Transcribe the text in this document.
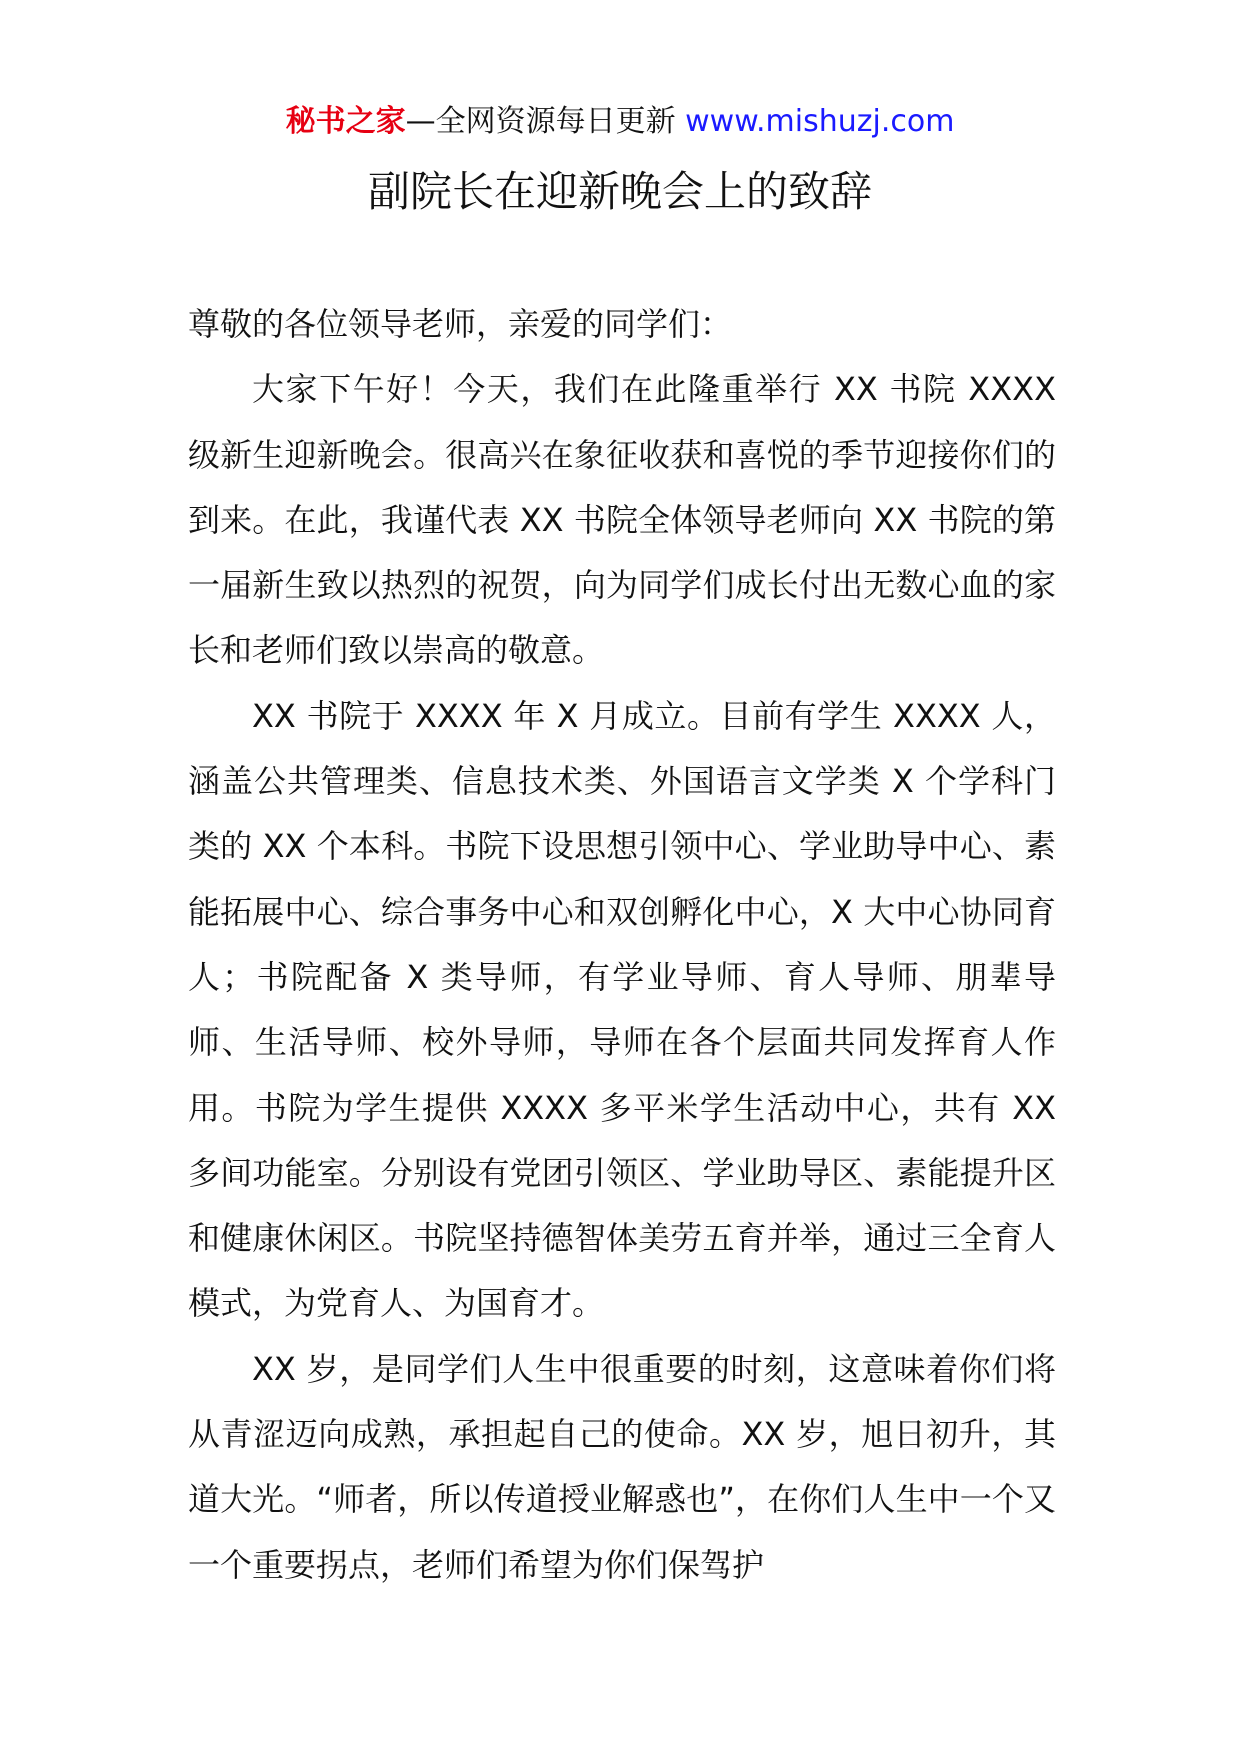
秘书之家—全网资源每日更新 www.mishuzj.com
副院长在迎新晚会上的致辞

尊敬的各位领导老师，亲爱的同学们：

大家下午好！今天，我们在此隆重举行 XX 书院 XXXX 级新生迎新晚会。很高兴在象征收获和喜悦的季节迎接你们的到来。在此，我谨代表 XX 书院全体领导老师向 XX 书院的第一届新生致以热烈的祝贺，向为同学们成长付出无数心血的家长和老师们致以崇高的敬意。

XX 书院于 XXXX 年 X 月成立。目前有学生 XXXX 人，涵盖公共管理类、信息技术类、外国语言文学类 X 个学科门类的 XX 个本科。书院下设思想引领中心、学业助导中心、素能拓展中心、综合事务中心和双创孵化中心，X 大中心协同育人；书院配备 X 类导师，有学业导师、育人导师、朋辈导师、生活导师、校外导师，导师在各个层面共同发挥育人作用。书院为学生提供 XXXX 多平米学生活动中心，共有 XX 多间功能室。分别设有党团引领区、学业助导区、素能提升区和健康休闲区。书院坚持德智体美劳五育并举，通过三全育人模式，为党育人、为国育才。

XX 岁，是同学们人生中很重要的时刻，这意味着你们将从青涩迈向成熟，承担起自己的使命。XX 岁，旭日初升，其道大光。“师者，所以传道授业解惑也”，在你们人生中一个又一个重要拐点，老师们希望为你们保驾护
